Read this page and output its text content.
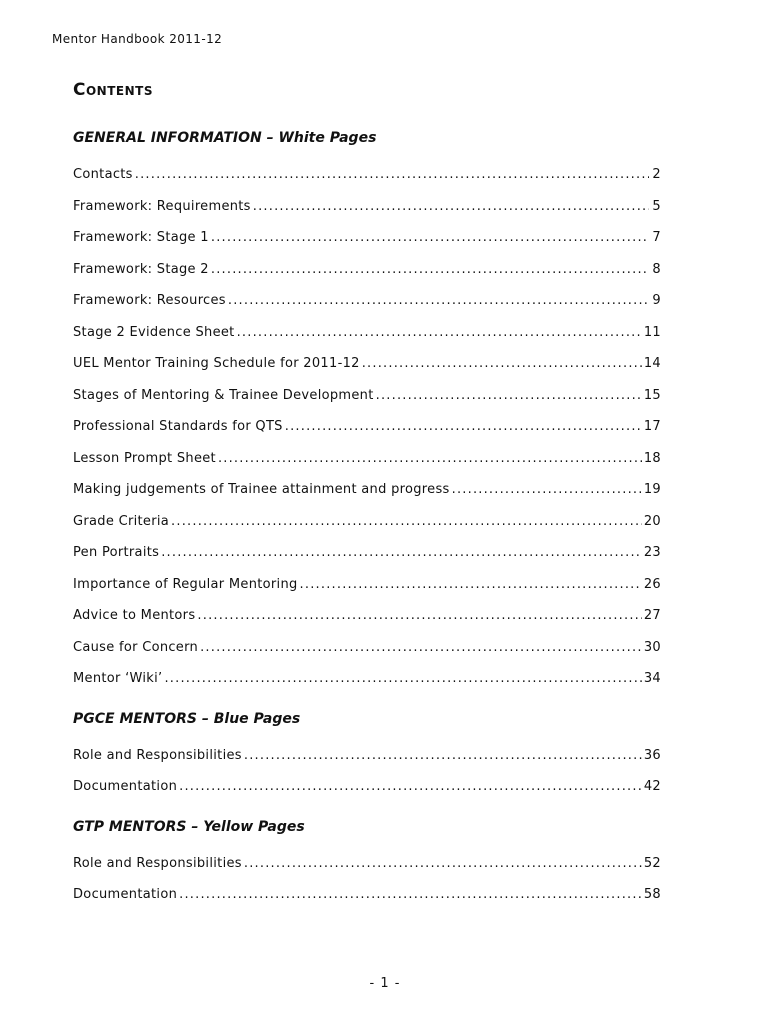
Mentor Handbook 2011-12
Contents
GENERAL INFORMATION – White Pages
Contacts .....	2
Framework: Requirements .....	5
Framework: Stage 1 .....	7
Framework: Stage 2 .....	8
Framework: Resources .....	9
Stage 2 Evidence Sheet .....	11
UEL Mentor Training Schedule for 2011-12 .....	14
Stages of Mentoring & Trainee Development .....	15
Professional Standards for QTS .....	17
Lesson Prompt Sheet .....	18
Making judgements of Trainee attainment and progress .....	19
Grade Criteria .....	20
Pen Portraits .....	23
Importance of Regular Mentoring .....	26
Advice to Mentors .....	27
Cause for Concern .....	30
Mentor ‘Wiki’ .....	34
PGCE MENTORS – Blue Pages
Role and Responsibilities .....	36
Documentation .....	42
GTP MENTORS – Yellow Pages
Role and Responsibilities .....	52
Documentation .....	58
- 1 -
